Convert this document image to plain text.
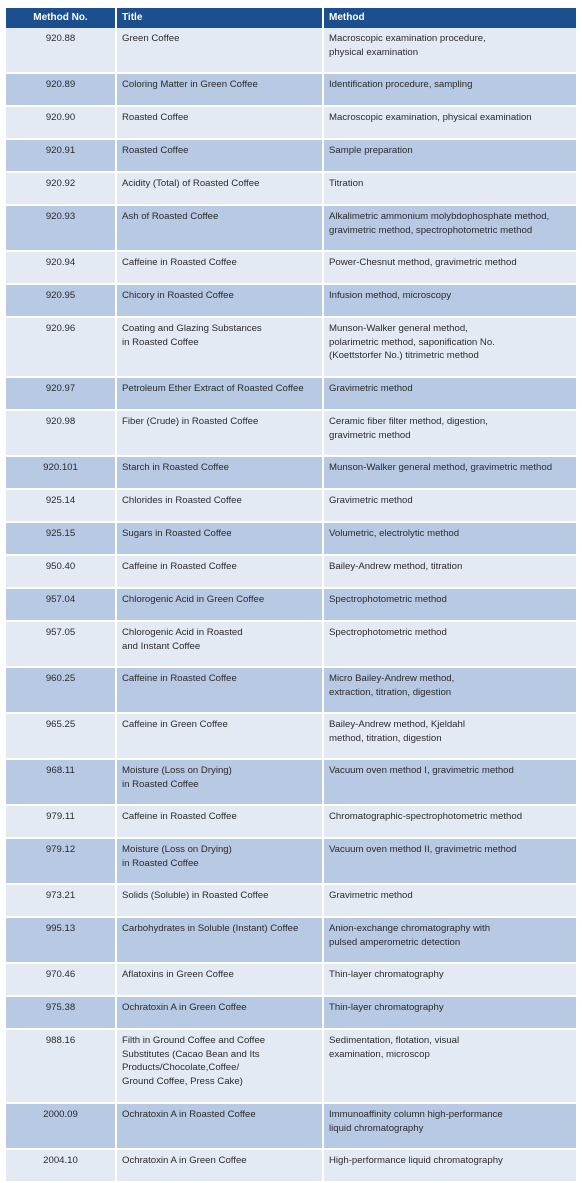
Method No.	Title	Method
920.88	Green Coffee	Macroscopic examination procedure,
physical examination
920.89	Coloring Matter in Green Coffee	Identification procedure, sampling
920.90	Roasted Coffee	Macroscopic examination, physical examination
920.91	Roasted Coffee	Sample preparation
920.92	Acidity (Total) of Roasted Coffee	Titration
920.93	Ash of Roasted Coffee	Alkalimetric ammonium molybdophosphate method,
gravimetric method, spectrophotometric method
920.94	Caffeine in Roasted Coffee	Power-Chesnut method, gravimetric method
920.95	Chicory in Roasted Coffee	Infusion method, microscopy
920.96	Coating and Glazing Substances
in Roasted Coffee	Munson-Walker general method,
polarimetric method, saponification No.
(Koettstorfer No.) titrimetric method
920.97	Petroleum Ether Extract of Roasted Coffee	Gravimetric method
920.98	Fiber (Crude) in Roasted Coffee	Ceramic fiber filter method, digestion,
gravimetric method
920.101	Starch in Roasted Coffee	Munson-Walker general method, gravimetric method
925.14	Chlorides in Roasted Coffee	Gravimetric method
925.15	Sugars in Roasted Coffee	Volumetric, electrolytic method
950.40	Caffeine in Roasted Coffee	Bailey-Andrew method, titration
957.04	Chlorogenic Acid in Green Coffee	Spectrophotometric method
957.05	Chlorogenic Acid in Roasted
and Instant Coffee	Spectrophotometric method
960.25	Caffeine in Roasted Coffee	Micro Bailey-Andrew method,
extraction, titration, digestion
965.25	Caffeine in Green Coffee	Bailey-Andrew method, Kjeldahl
method, titration, digestion
968.11	Moisture (Loss on Drying)
in Roasted Coffee	Vacuum oven method I, gravimetric method
979.11	Caffeine in Roasted Coffee	Chromatographic-spectrophotometric method
979.12	Moisture (Loss on Drying)
in Roasted Coffee	Vacuum oven method II, gravimetric method
973.21	Solids (Soluble) in Roasted Coffee	Gravimetric method
995.13	Carbohydrates in Soluble (Instant) Coffee	Anion-exchange chromatography with
pulsed amperometric detection
970.46	Aflatoxins in Green Coffee	Thin-layer chromatography
975.38	Ochratoxin A in Green Coffee	Thin-layer chromatography
988.16	Filth in Ground Coffee and Coffee
Substitutes (Cacao Bean and Its
Products/Chocolate,Coffee/
Ground Coffee, Press Cake)	Sedimentation, flotation, visual
examination, microscop
2000.09	Ochratoxin A in Roasted Coffee	Immunoaffinity column high-performance
liquid chromatography
2004.10	Ochratoxin A in Green Coffee	High-performance liquid chromatography
